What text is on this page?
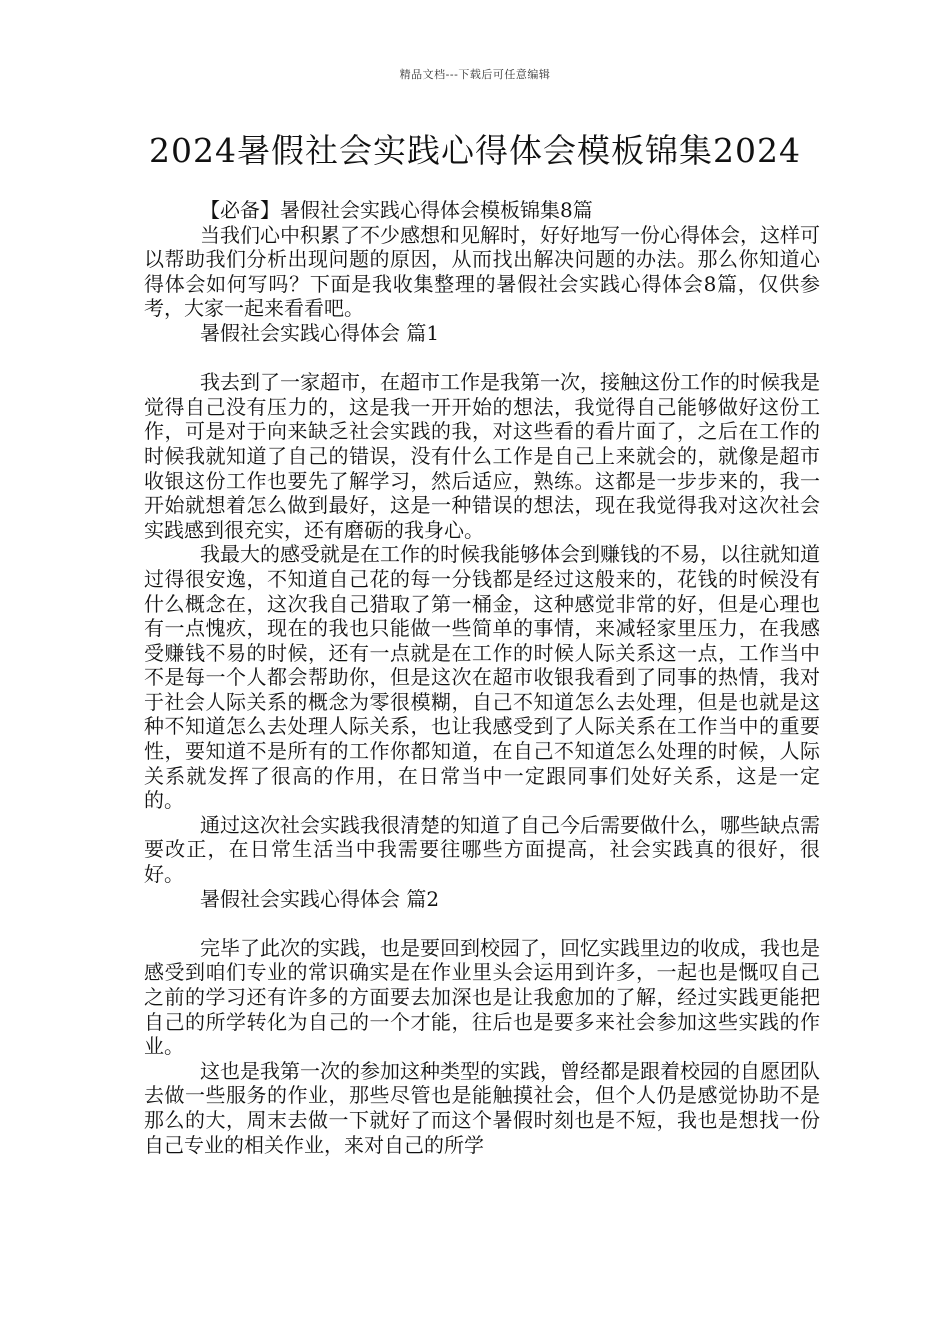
精品文档---下载后可任意编辑
2024暑假社会实践心得体会模板锦集2024

【必备】暑假社会实践心得体会模板锦集8篇

当我们心中积累了不少感想和见解时，好好地写一份心得体会，这样可以帮助我们分析出现问题的原因，从而找出解决问题的办法。那么你知道心得体会如何写吗？下面是我收集整理的暑假社会实践心得体会8篇，仅供参考，大家一起来看看吧。

暑假社会实践心得体会 篇1

我去到了一家超市，在超市工作是我第一次，接触这份工作的时候我是觉得自己没有压力的，这是我一开开始的想法，我觉得自己能够做好这份工作，可是对于向来缺乏社会实践的我，对这些看的看片面了，之后在工作的时候我就知道了自己的错误，没有什么工作是自己上来就会的，就像是超市收银这份工作也要先了解学习，然后适应，熟练。这都是一步步来的，我一开始就想着怎么做到最好，这是一种错误的想法，现在我觉得我对这次社会实践感到很充实，还有磨砺的我身心。

我最大的感受就是在工作的时候我能够体会到赚钱的不易，以往就知道过得很安逸，不知道自己花的每一分钱都是经过这般来的，花钱的时候没有什么概念在，这次我自己猎取了第一桶金，这种感觉非常的好，但是心理也有一点愧疚，现在的我也只能做一些简单的事情，来减轻家里压力，在我感受赚钱不易的时候，还有一点就是在工作的时候人际关系这一点，工作当中不是每一个人都会帮助你，但是这次在超市收银我看到了同事的热情，我对于社会人际关系的概念为零很模糊，自己不知道怎么去处理，但是也就是这种不知道怎么去处理人际关系，也让我感受到了人际关系在工作当中的重要性，要知道不是所有的工作你都知道，在自己不知道怎么处理的时候，人际关系就发挥了很高的作用，在日常当中一定跟同事们处好关系，这是一定的。

通过这次社会实践我很清楚的知道了自己今后需要做什么，哪些缺点需要改正，在日常生活当中我需要往哪些方面提高，社会实践真的很好，很好。

暑假社会实践心得体会 篇2

完毕了此次的实践，也是要回到校园了，回忆实践里边的收成，我也是感受到咱们专业的常识确实是在作业里头会运用到许多，一起也是慨叹自己之前的学习还有许多的方面要去加深也是让我愈加的了解，经过实践更能把自己的所学转化为自己的一个才能，往后也是要多来社会参加这些实践的作业。

这也是我第一次的参加这种类型的实践，曾经都是跟着校园的自愿团队去做一些服务的作业，那些尽管也是能触摸社会，但个人仍是感觉协助不是那么的大，周末去做一下就好了而这个暑假时刻也是不短，我也是想找一份自己专业的相关作业，来对自己的所学
